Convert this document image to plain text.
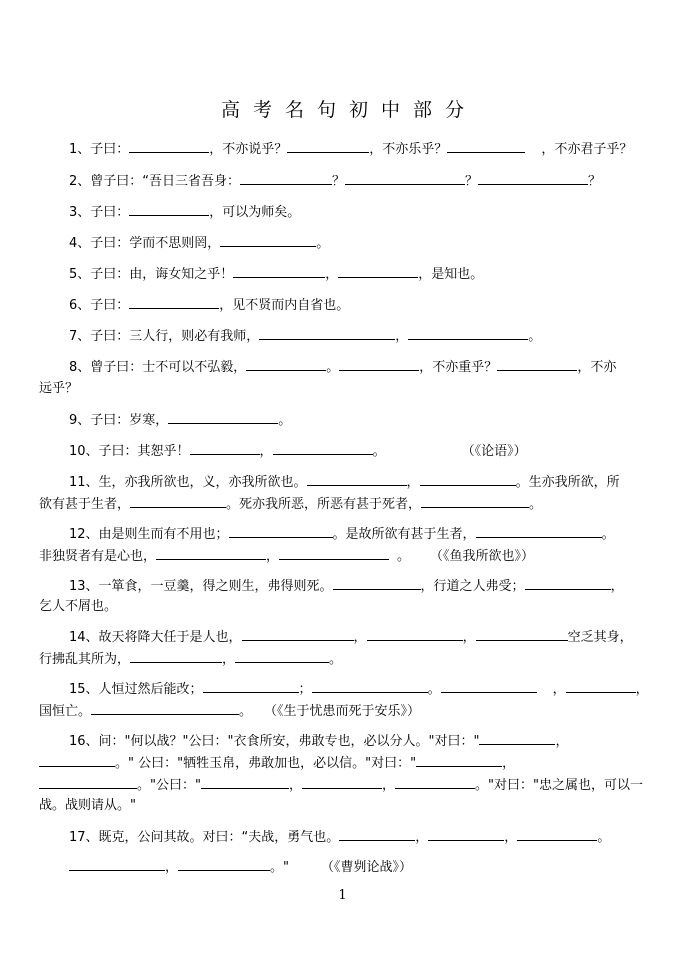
高考名句初中部分
1、子曰：	，不亦说乎？	，不亦乐乎？	，不亦君子乎？
2、曾子曰：“吾日三省吾身：	？	？	？
3、子曰：	，可以为师矣。
4、子曰：学而不思则罔，	。
5、子曰：由，诲女知之乎！	，	，是知也。
6、子曰：	，见不贤而内自省也。
7、子曰：三人行，则必有我师，	，	。
8、曾子曰：士不可以不弘毅，	。	，不亦重乎？	，不亦
远乎？
9、子曰：岁寒，	。
10、子曰：其恕乎！	，	。	（《论语》）
11、生，亦我所欲也，义，亦我所欲也。	，	。生亦我所欲，所
欲有甚于生者，	。死亦我所恶，所恶有甚于死者，	。
12、由是则生而有不用也；	。是故所欲有甚于生者，	。
非独贤者有是心也，	，	。 （《鱼我所欲也》）
13、一箪食，一豆羹，得之则生，弗得则死。	，行道之人弗受；	，
乞人不屑也。
14、故天将降大任于是人也，	，	，	空乏其身，
行拂乱其所为，	，	。
15、人恒过然后能改；	；	。	，	，
国恒亡。	。 （《生于忧患而死于安乐》）
16、问："何以战？"公曰："衣食所安，弗敢专也，必以分人。"对曰："	，
。" 公曰："牺牲玉帛，弗敢加也，必以信。"对曰："	，
。"公曰："	，	，	。"对曰："忠之属也，可以一
战。战则请从。"
17、既克，公问其故。对曰：“夫战，勇气也。	，	，	。
，	。" （《曹刿论战》）
1
